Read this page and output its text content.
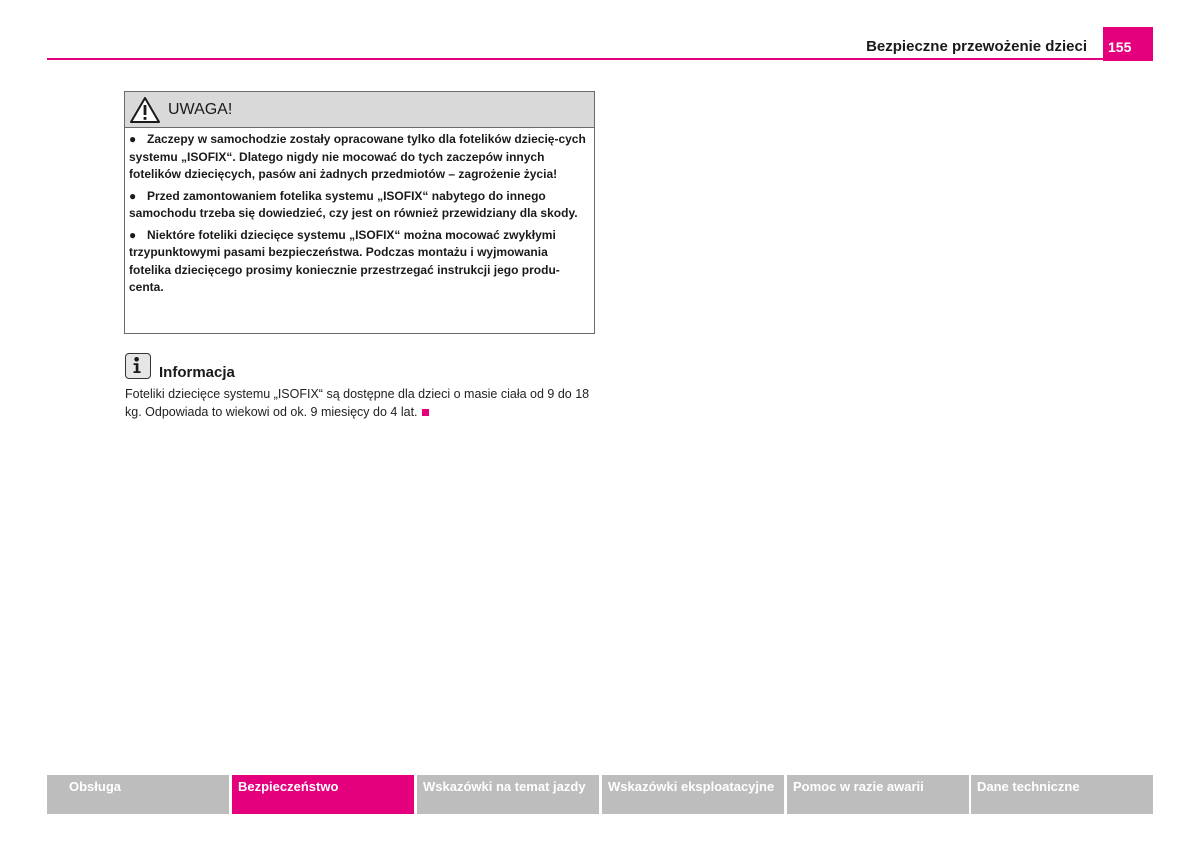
Bezpieczne przewożenie dzieci	155
UWAGA!
● Zaczepy w samochodzie zostały opracowane tylko dla fotelików dziecię-cych systemu „ISOFIX“. Dlatego nigdy nie mocować do tych zaczepów innych fotelików dziecięcych, pasów ani żadnych przedmiotów – zagrożenie życia!
● Przed zamontowaniem fotelika systemu „ISOFIX“ nabytego do innego samochodu trzeba się dowiedzieć, czy jest on również przewidziany dla skody.
● Niektóre foteliki dziecięce systemu „ISOFIX“ można mocować zwykłymi trzypunktowymi pasami bezpieczeństwa. Podczas montażu i wyjmowania fotelika dziecięcego prosimy koniecznie przestrzegać instrukcji jego produ-centa.
Informacja
Foteliki dziecięce systemu „ISOFIX“ są dostępne dla dzieci o masie ciała od 9 do 18 kg. Odpowiada to wiekowi od ok. 9 miesięcy do 4 lat.
Obsługa	Bezpieczeństwo	Wskazówki na temat jazdy	Wskazówki eksploatacyjne	Pomoc w razie awarii	Dane techniczne
